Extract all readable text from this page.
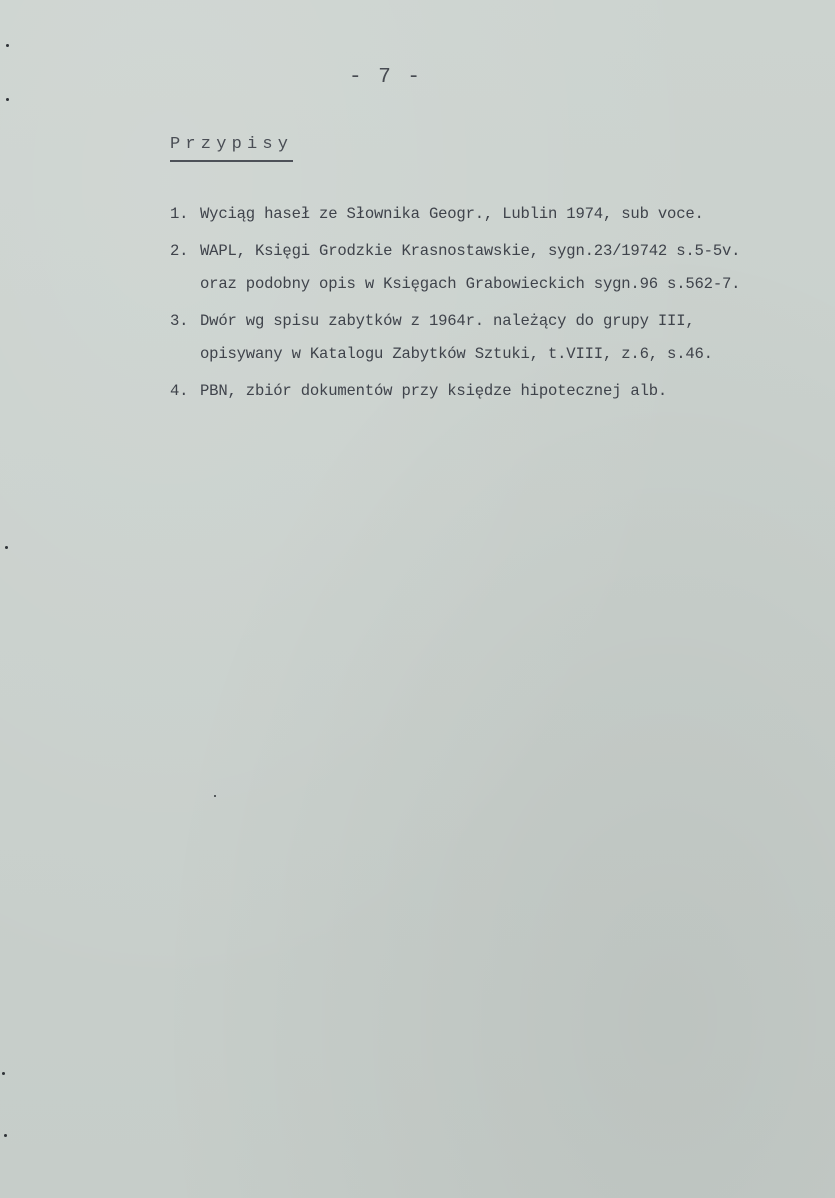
- 7 -
Przypisy
1. Wyciąg haseł ze Słownika Geogr., Lublin 1974, sub voce.
2. WAPL, Księgi Grodzkie Krasnostawskie, sygn.23/19742 s.5-5v.
oraz podobny opis w Księgach Grabowieckich sygn.96 s.562-7.
3. Dwór wg spisu zabytków z 1964r. należący do grupy III,
opisywany w Katalogu Zabytków Sztuki, t.VIII, z.6, s.46.
4. PBN, zbiór dokumentów przy księdze hipotecznej alb.
